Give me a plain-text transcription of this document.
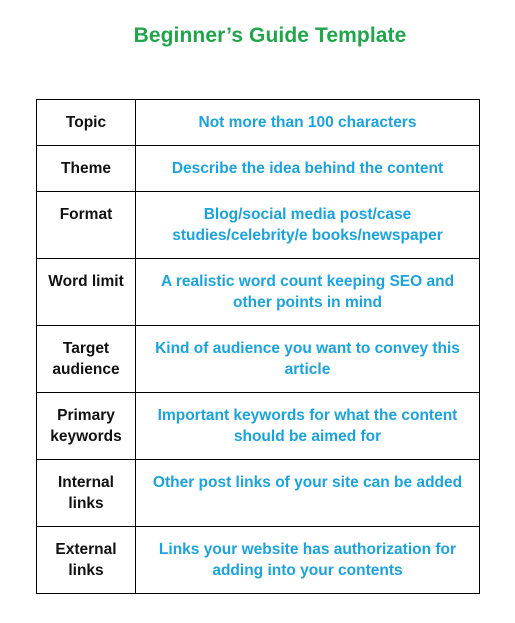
Beginner’s Guide Template
Topic	Not more than 100 characters
Theme	Describe the idea behind the content
Format	Blog/social media post/case studies/celebrity/e books/newspaper
Word limit	A realistic word count keeping SEO and other points in mind
Target audience	Kind of audience you want to convey this article
Primary keywords	Important keywords for what the content should be aimed for
Internal links	Other post links of your site can be added
External links	Links your website has authorization for adding into your contents
